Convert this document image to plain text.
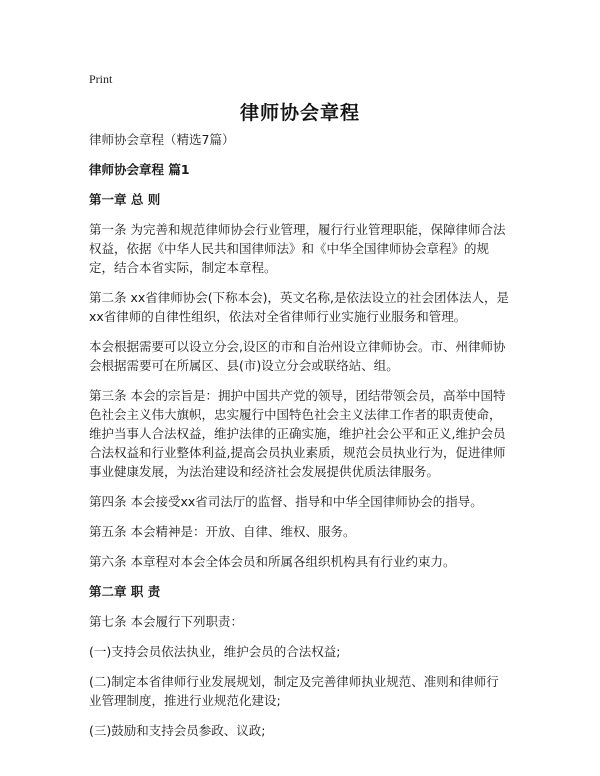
Print
律师协会章程

律师协会章程（精选7篇）

律师协会章程 篇1

第一章 总 则

第一条 为完善和规范律师协会行业管理，履行行业管理职能，保障律师合法权益，依据《中华人民共和国律师法》和《中华全国律师协会章程》的规定，结合本省实际，制定本章程。

第二条 xx省律师协会(下称本会)，英文名称,是依法设立的社会团体法人，是xx省律师的自律性组织，依法对全省律师行业实施行业服务和管理。

本会根据需要可以设立分会,设区的市和自治州设立律师协会。市、州律师协会根据需要可在所属区、县(市)设立分会或联络站、组。

第三条 本会的宗旨是：拥护中国共产党的领导，团结带领会员，高举中国特色社会主义伟大旗帜，忠实履行中国特色社会主义法律工作者的职责使命，维护当事人合法权益，维护法律的正确实施，维护社会公平和正义,维护会员合法权益和行业整体利益,提高会员执业素质，规范会员执业行为，促进律师事业健康发展，为法治建设和经济社会发展提供优质法律服务。

第四条 本会接受xx省司法厅的监督、指导和中华全国律师协会的指导。

第五条 本会精神是：开放、自律、维权、服务。

第六条 本章程对本会全体会员和所属各组织机构具有行业约束力。

第二章 职 责

第七条 本会履行下列职责：

(一)支持会员依法执业，维护会员的合法权益;

(二)制定本省律师行业发展规划，制定及完善律师执业规范、准则和律师行业管理制度，推进行业规范化建设;

(三)鼓励和支持会员参政、议政;
